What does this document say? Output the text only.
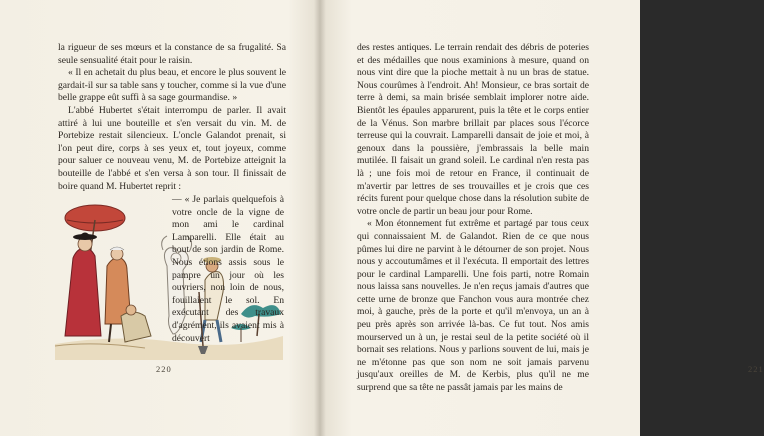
la rigueur de ses mœurs et la constance de sa frugalité. Sa seule sensualité était pour le raisin.

« Il en achetait du plus beau, et encore le plus souvent le gardait-il sur sa table sans y toucher, comme si la vue d'une belle grappe eût suffi à sa sage gourmandise. »

L'abbé Hubertet s'était interrompu de parler. Il avait attiré à lui une bouteille et s'en versait du vin. M. de Portebize restait silencieux. L'oncle Galandot prenait, si l'on peut dire, corps à ses yeux et, tout joyeux, comme pour saluer ce nouveau venu, M. de Portebize atteignit la bouteille de l'abbé et s'en versa à son tour. Il finissait de boire quand M. Hubertet reprit :

— « Je parlais quelquefois à votre oncle de la vigne de mon ami le cardinal Lamparelli. Elle était au bout de son jardin de Rome. Nous étions assis sous le pampre un jour où les ouvriers, non loin de nous, fouillaient le sol. En exécutant des travaux d'agrément, ils avaient mis à découvert

220

des restes antiques. Le terrain rendait des débris de poteries et des médailles que nous examinions à mesure, quand on nous vint dire que la pioche mettait à nu un bras de statue. Nous courûmes à l'endroit. Ah! Monsieur, ce bras sortait de terre à demi, sa main brisée semblait implorer notre aide. Bientôt les épaules apparurent, puis la tête et le corps entier de la Vénus. Son marbre brillait par places sous l'écorce terreuse qui la couvrait. Lamparelli dansait de joie et moi, à genoux dans la poussière, j'embrassais la belle main mutilée. Il faisait un grand soleil. Le cardinal n'en resta pas là ; une fois moi de retour en France, il continuait de m'avertir par lettres de ses trouvailles et je crois que ces récits furent pour quelque chose dans la résolution subite de votre oncle de partir un beau jour pour Rome.

« Mon étonnement fut extrême et partagé par tous ceux qui connaissaient M. de Galandot. Rien de ce que nous pûmes lui dire ne parvint à le détourner de son projet. Nous nous y accoutumâmes et il l'exécuta. Il emportait des lettres pour le cardinal Lamparelli. Une fois parti, notre Romain nous laissa sans nouvelles. Je n'en reçus jamais d'autres que cette urne de bronze que Fanchon vous aura montrée chez moi, à gauche, près de la porte et qu'il m'envoya, un an à peu près après son arrivée là-bas. Ce fut tout. Nos amis mourserved un à un, je restai seul de la petite société où il bornait ses relations. Nous y parlions souvent de lui, mais je ne m'étonne pas que son nom ne soit jamais parvenu jusqu'aux oreilles de M. de Kerbis, plus qu'il ne me surprend que sa tête ne passât jamais par les mains de

221
